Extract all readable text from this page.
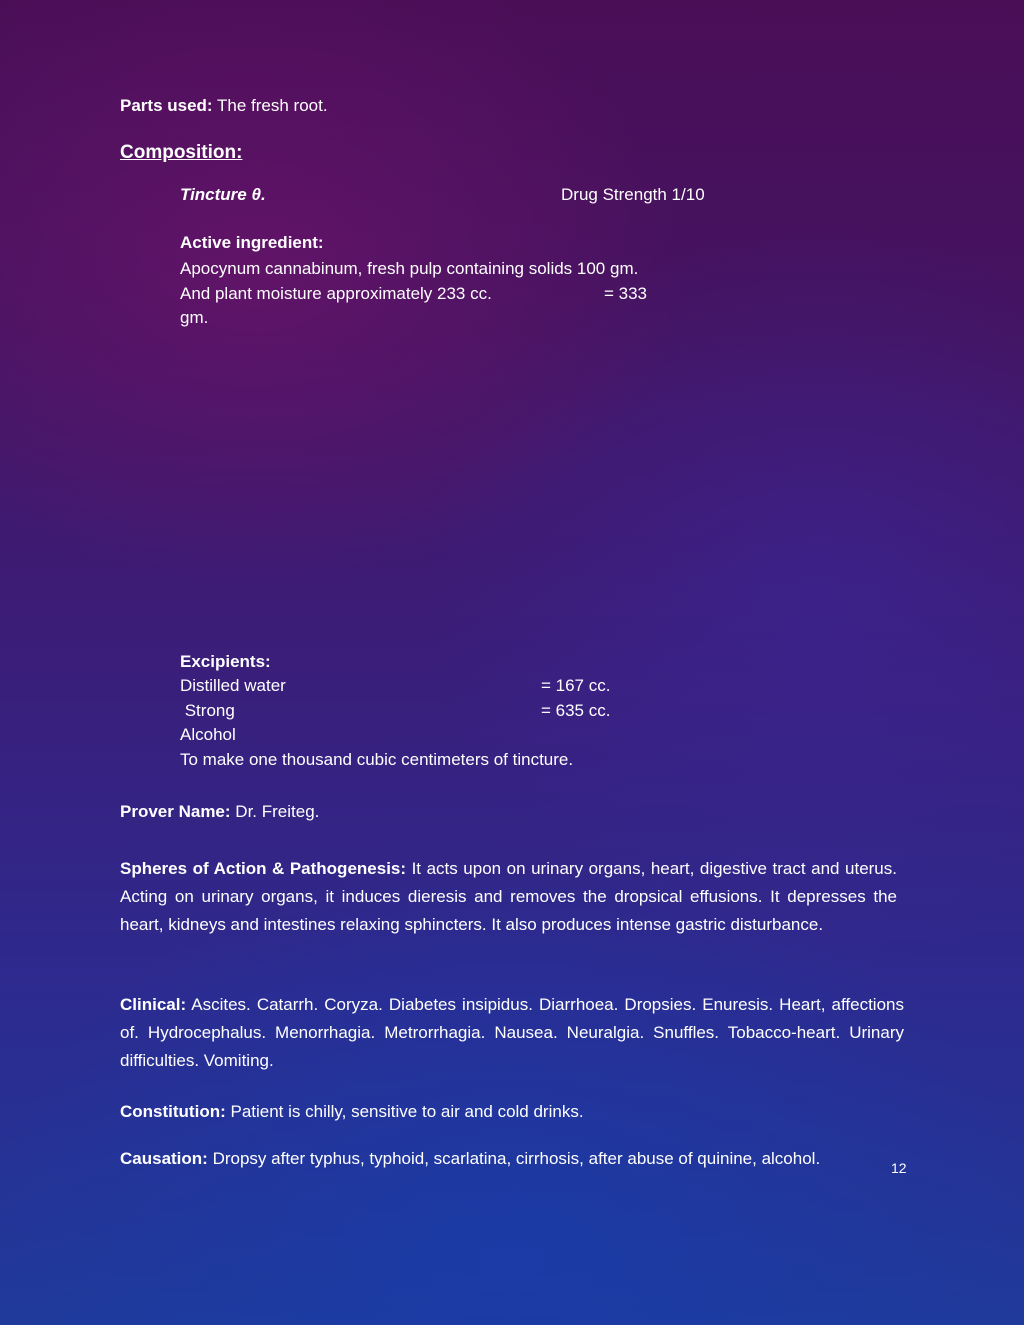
Parts used: The fresh root.
Composition:
Tincture θ.	Drug Strength 1/10
Active ingredient:
Apocynum cannabinum, fresh pulp containing solids 100 gm.
And plant moisture approximately 233 cc.	= 333
gm.
Excipients:
Distilled water	= 167 cc.
Strong	= 635 cc.
Alcohol
To make one thousand cubic centimeters of tincture.
Prover Name: Dr. Freiteg.
Spheres of Action & Pathogenesis: It acts upon on urinary organs, heart, digestive tract and uterus. Acting on urinary organs, it induces dieresis and removes the dropsical effusions. It depresses the heart, kidneys and intestines relaxing sphincters. It also produces intense gastric disturbance.
Clinical: Ascites. Catarrh. Coryza. Diabetes insipidus. Diarrhoea. Dropsies. Enuresis. Heart, affections of. Hydrocephalus. Menorrhagia. Metrorrhagia. Nausea. Neuralgia. Snuffles. Tobacco-heart. Urinary difficulties. Vomiting.
Constitution: Patient is chilly, sensitive to air and cold drinks.
Causation: Dropsy after typhus, typhoid, scarlatina, cirrhosis, after abuse of quinine, alcohol.	12
